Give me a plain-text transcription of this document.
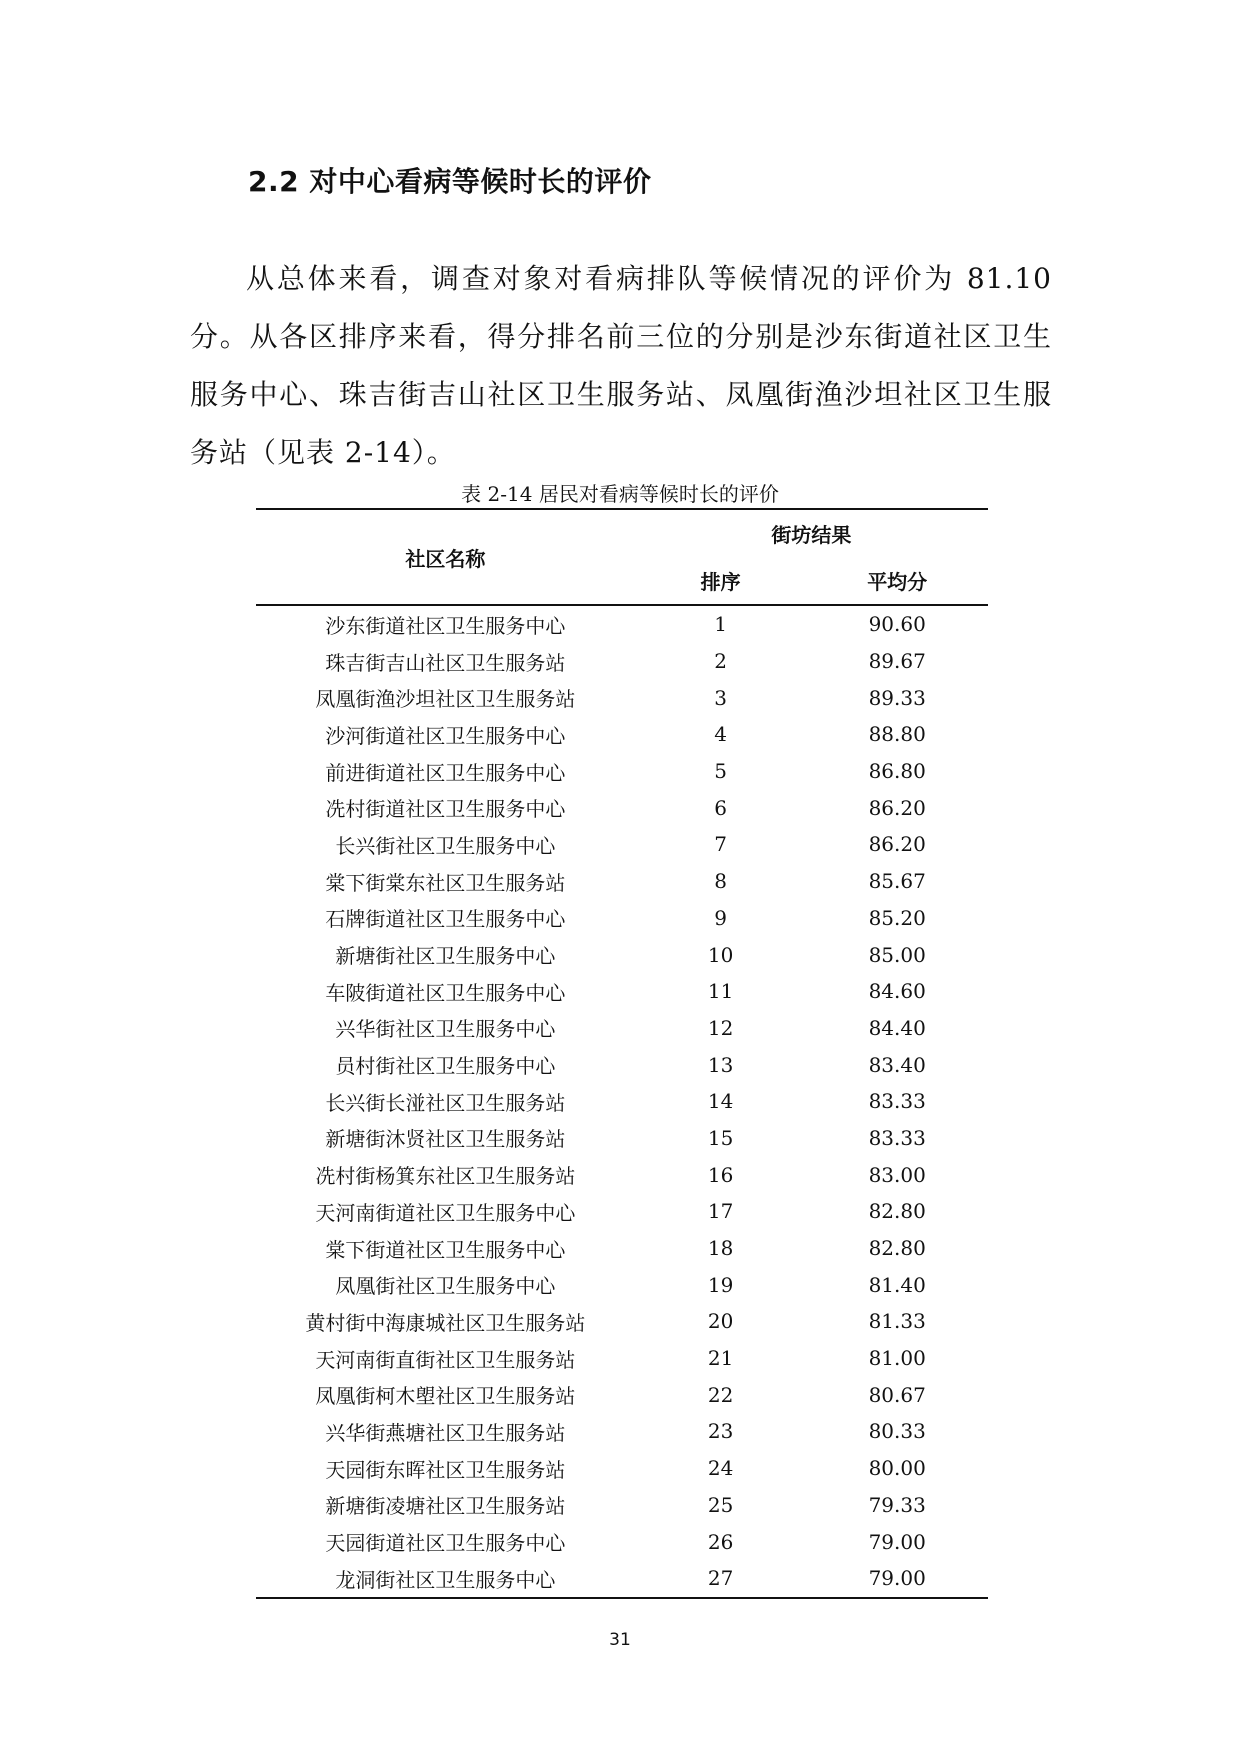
2.2 对中心看病等候时长的评价

从总体来看，调查对象对看病排队等候情况的评价为 81.10 分。从各区排序来看，得分排名前三位的分别是沙东街道社区卫生服务中心、珠吉街吉山社区卫生服务站、凤凰街渔沙坦社区卫生服务站（见表 2-14）。

表 2-14 居民对看病等候时长的评价
社区名称	街坊结果	
	排序	平均分
沙东街道社区卫生服务中心	1	90.60
珠吉街吉山社区卫生服务站	2	89.67
凤凰街渔沙坦社区卫生服务站	3	89.33
沙河街道社区卫生服务中心	4	88.80
前进街道社区卫生服务中心	5	86.80
冼村街道社区卫生服务中心	6	86.20
长兴街社区卫生服务中心	7	86.20
棠下街棠东社区卫生服务站	8	85.67
石牌街道社区卫生服务中心	9	85.20
新塘街社区卫生服务中心	10	85.00
车陂街道社区卫生服务中心	11	84.60
兴华街社区卫生服务中心	12	84.40
员村街社区卫生服务中心	13	83.40
长兴街长湴社区卫生服务站	14	83.33
新塘街沐贤社区卫生服务站	15	83.33
冼村街杨箕东社区卫生服务站	16	83.00
天河南街道社区卫生服务中心	17	82.80
棠下街道社区卫生服务中心	18	82.80
凤凰街社区卫生服务中心	19	81.40
黄村街中海康城社区卫生服务站	20	81.33
天河南街直街社区卫生服务站	21	81.00
凤凰街柯木塱社区卫生服务站	22	80.67
兴华街燕塘社区卫生服务站	23	80.33
天园街东晖社区卫生服务站	24	80.00
新塘街凌塘社区卫生服务站	25	79.33
天园街道社区卫生服务中心	26	79.00
龙洞街社区卫生服务中心	27	79.00
31
